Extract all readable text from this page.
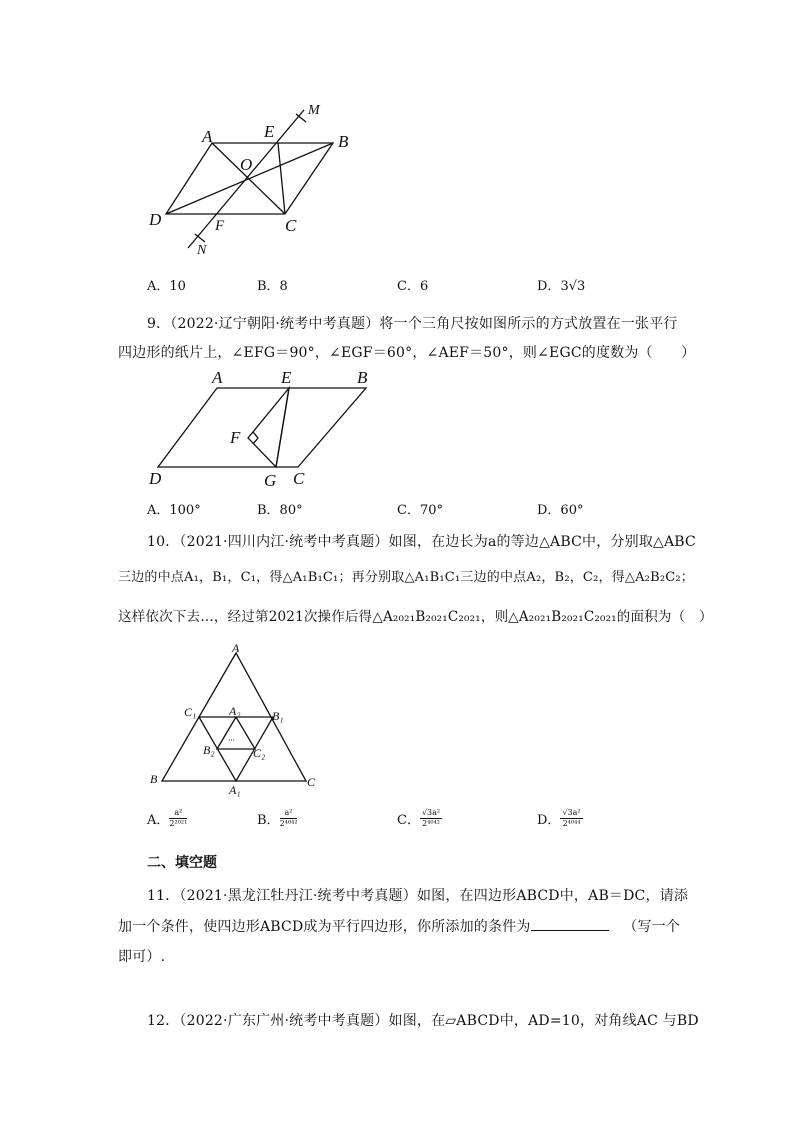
A	E
M
B
O
D	F	C
N
A．10	B．8	C．6	D．3√3
9．（2022·辽宁朝阳·统考中考真题）将一个三角尺按如图所示的方式放置在一张平行
四边形的纸片上，∠EFG＝90°，∠EGF＝60°，∠AEF＝50°，则∠EGC的度数为（　　）
A	E	B
F
D	G C
A．100°	B．80°	C．70°	D．60°
10．（2021·四川内江·统考中考真题）如图，在边长为a的等边△ABC中，分别取△ABC
三边的中点A₁，B₁，C₁，得△A₁B₁C₁；再分别取△A₁B₁C₁三边的中点A₂，B₂，C₂，得△A₂B₂C₂；
这样依次下去…，经过第2021次操作后得△A₂₀₂₁B₂₀₂₁C₂₀₂₁，则△A₂₀₂₁B₂₀₂₁C₂₀₂₁的面积为（　）
A
C₁	A₂	B₁
···
B₂	C₂
B
A₁
C
A． $\frac{\text{a²}}{\text{2²⁰²¹}}$	B． $\frac{\text{a²}}{\text{2⁴⁰⁴²}}$	C． $\frac{\text{√3a²}}{\text{2⁴⁰⁴²}}$	D． $\frac{\text{√3a²}}{\text{2⁴⁰⁴⁴}}$
二、填空题
11．（2021·黑龙江牡丹江·统考中考真题）如图，在四边形ABCD中，AB＝DC，请添
加一个条件，使四边形ABCD成为平行四边形，你所添加的条件为	（写一个
即可）.
12．（2022·广东广州·统考中考真题）如图，在▱ABCD中，AD=10，对角线AC 与BD
